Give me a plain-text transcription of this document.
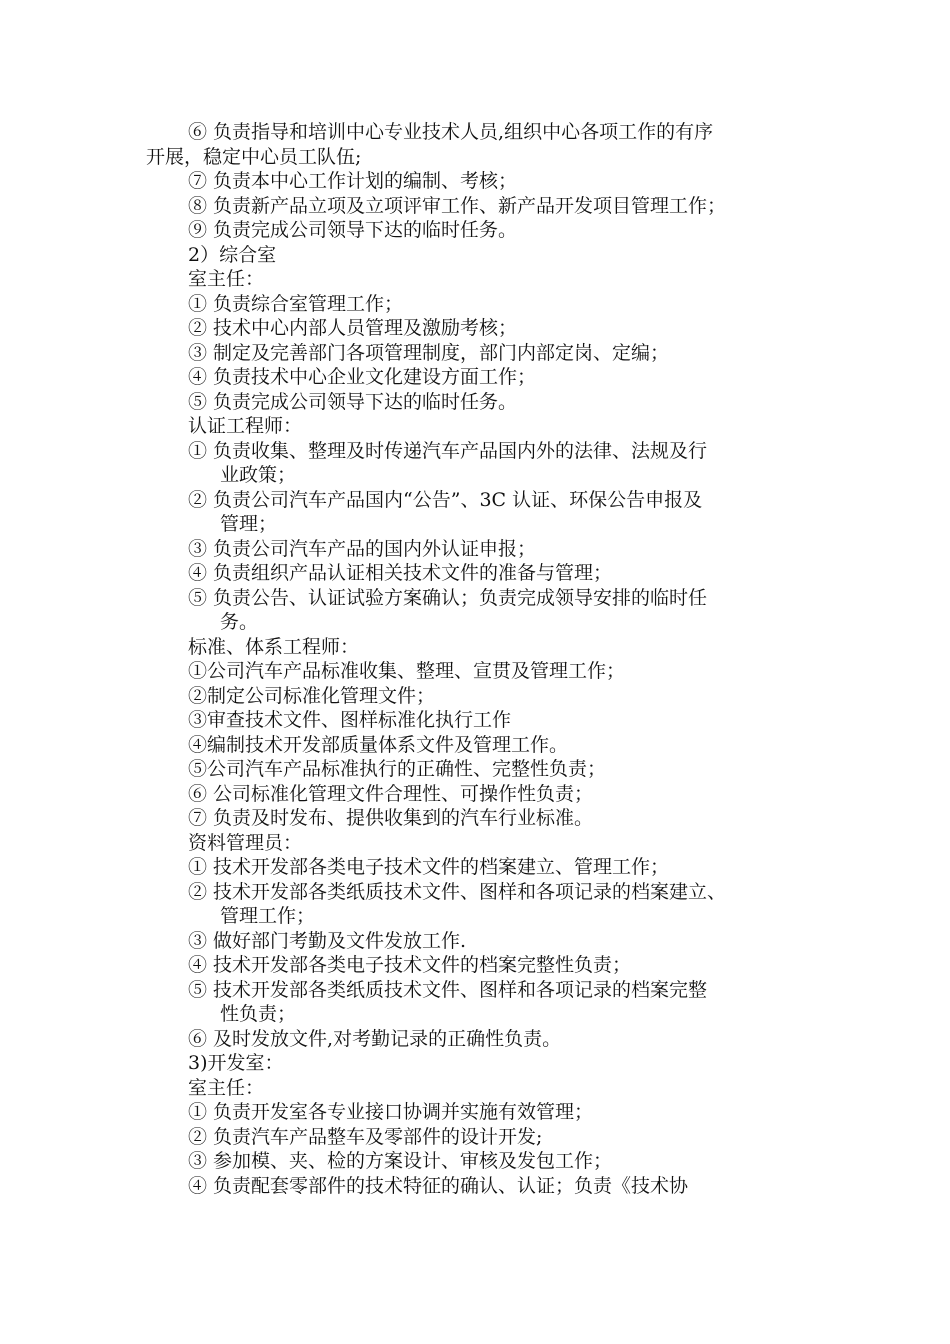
⑥ 负责指导和培训中心专业技术人员,组织中心各项工作的有序
开展，稳定中心员工队伍;
⑦ 负责本中心工作计划的编制、考核；
⑧ 负责新产品立项及立项评审工作、新产品开发项目管理工作；
⑨ 负责完成公司领导下达的临时任务。
2）综合室
室主任：
① 负责综合室管理工作；
② 技术中心内部人员管理及激励考核；
③ 制定及完善部门各项管理制度，部门内部定岗、定编；
④ 负责技术中心企业文化建设方面工作；
⑤ 负责完成公司领导下达的临时任务。
认证工程师：
① 负责收集、整理及时传递汽车产品国内外的法律、法规及行
业政策；
② 负责公司汽车产品国内“公告”、3C 认证、环保公告申报及
管理；
③ 负责公司汽车产品的国内外认证申报；
④ 负责组织产品认证相关技术文件的准备与管理；
⑤ 负责公告、认证试验方案确认；负责完成领导安排的临时任
务。
标准、体系工程师：
①公司汽车产品标准收集、整理、宣贯及管理工作；
②制定公司标准化管理文件；
③审查技术文件、图样标准化执行工作
④编制技术开发部质量体系文件及管理工作。
⑤公司汽车产品标准执行的正确性、完整性负责；
⑥ 公司标准化管理文件合理性、可操作性负责；
⑦ 负责及时发布、提供收集到的汽车行业标准。
资料管理员：
① 技术开发部各类电子技术文件的档案建立、管理工作；
② 技术开发部各类纸质技术文件、图样和各项记录的档案建立、
管理工作；
③ 做好部门考勤及文件发放工作.
④ 技术开发部各类电子技术文件的档案完整性负责；
⑤ 技术开发部各类纸质技术文件、图样和各项记录的档案完整
性负责；
⑥ 及时发放文件,对考勤记录的正确性负责。
3)开发室：
室主任：
① 负责开发室各专业接口协调并实施有效管理；
② 负责汽车产品整车及零部件的设计开发;
③ 参加模、夹、检的方案设计、审核及发包工作；
④ 负责配套零部件的技术特征的确认、认证；负责《技术协
